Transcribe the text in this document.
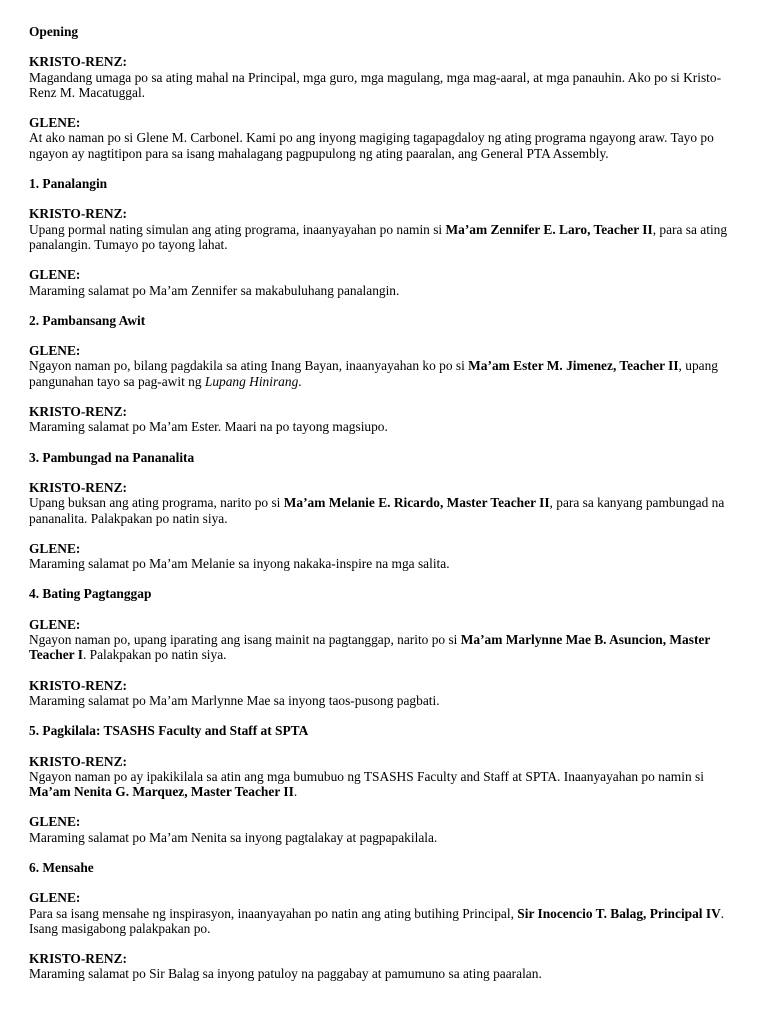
Opening

KRISTO-RENZ:

Magandang umaga po sa ating mahal na Principal, mga guro, mga magulang, mga mag-aaral, at mga panauhin. Ako po si Kristo-Renz M. Macatuggal.

GLENE:

At ako naman po si Glene M. Carbonel. Kami po ang inyong magiging tagapagdaloy ng ating programa ngayong araw. Tayo po ngayon ay nagtitipon para sa isang mahalagang pagpupulong ng ating paaralan, ang General PTA Assembly.

1. Panalangin

KRISTO-RENZ:

Upang pormal nating simulan ang ating programa, inaanyayahan po namin si Ma’am Zennifer E. Laro, Teacher II, para sa ating panalangin. Tumayo po tayong lahat.

GLENE:

Maraming salamat po Ma’am Zennifer sa makabuluhang panalangin.

2. Pambansang Awit

GLENE:

Ngayon naman po, bilang pagdakila sa ating Inang Bayan, inaanyayahan ko po si Ma’am Ester M. Jimenez, Teacher II, upang pangunahan tayo sa pag-awit ng Lupang Hinirang.

KRISTO-RENZ:

Maraming salamat po Ma’am Ester. Maari na po tayong magsiupo.

3. Pambungad na Pananalita

KRISTO-RENZ:

Upang buksan ang ating programa, narito po si Ma’am Melanie E. Ricardo, Master Teacher II, para sa kanyang pambungad na pananalita. Palakpakan po natin siya.

GLENE:

Maraming salamat po Ma’am Melanie sa inyong nakaka-inspire na mga salita.

4. Bating Pagtanggap

GLENE:

Ngayon naman po, upang iparating ang isang mainit na pagtanggap, narito po si Ma’am Marlynne Mae B. Asuncion, Master Teacher I. Palakpakan po natin siya.

KRISTO-RENZ:

Maraming salamat po Ma’am Marlynne Mae sa inyong taos-pusong pagbati.

5. Pagkilala: TSASHS Faculty and Staff at SPTA

KRISTO-RENZ:

Ngayon naman po ay ipakikilala sa atin ang mga bumubuo ng TSASHS Faculty and Staff at SPTA. Inaanyayahan po namin si Ma’am Nenita G. Marquez, Master Teacher II.

GLENE:

Maraming salamat po Ma’am Nenita sa inyong pagtalakay at pagpapakilala.

6. Mensahe

GLENE:

Para sa isang mensahe ng inspirasyon, inaanyayahan po natin ang ating butihing Principal, Sir Inocencio T. Balag, Principal IV. Isang masigabong palakpakan po.

KRISTO-RENZ:

Maraming salamat po Sir Balag sa inyong patuloy na paggabay at pamumuno sa ating paaralan.
